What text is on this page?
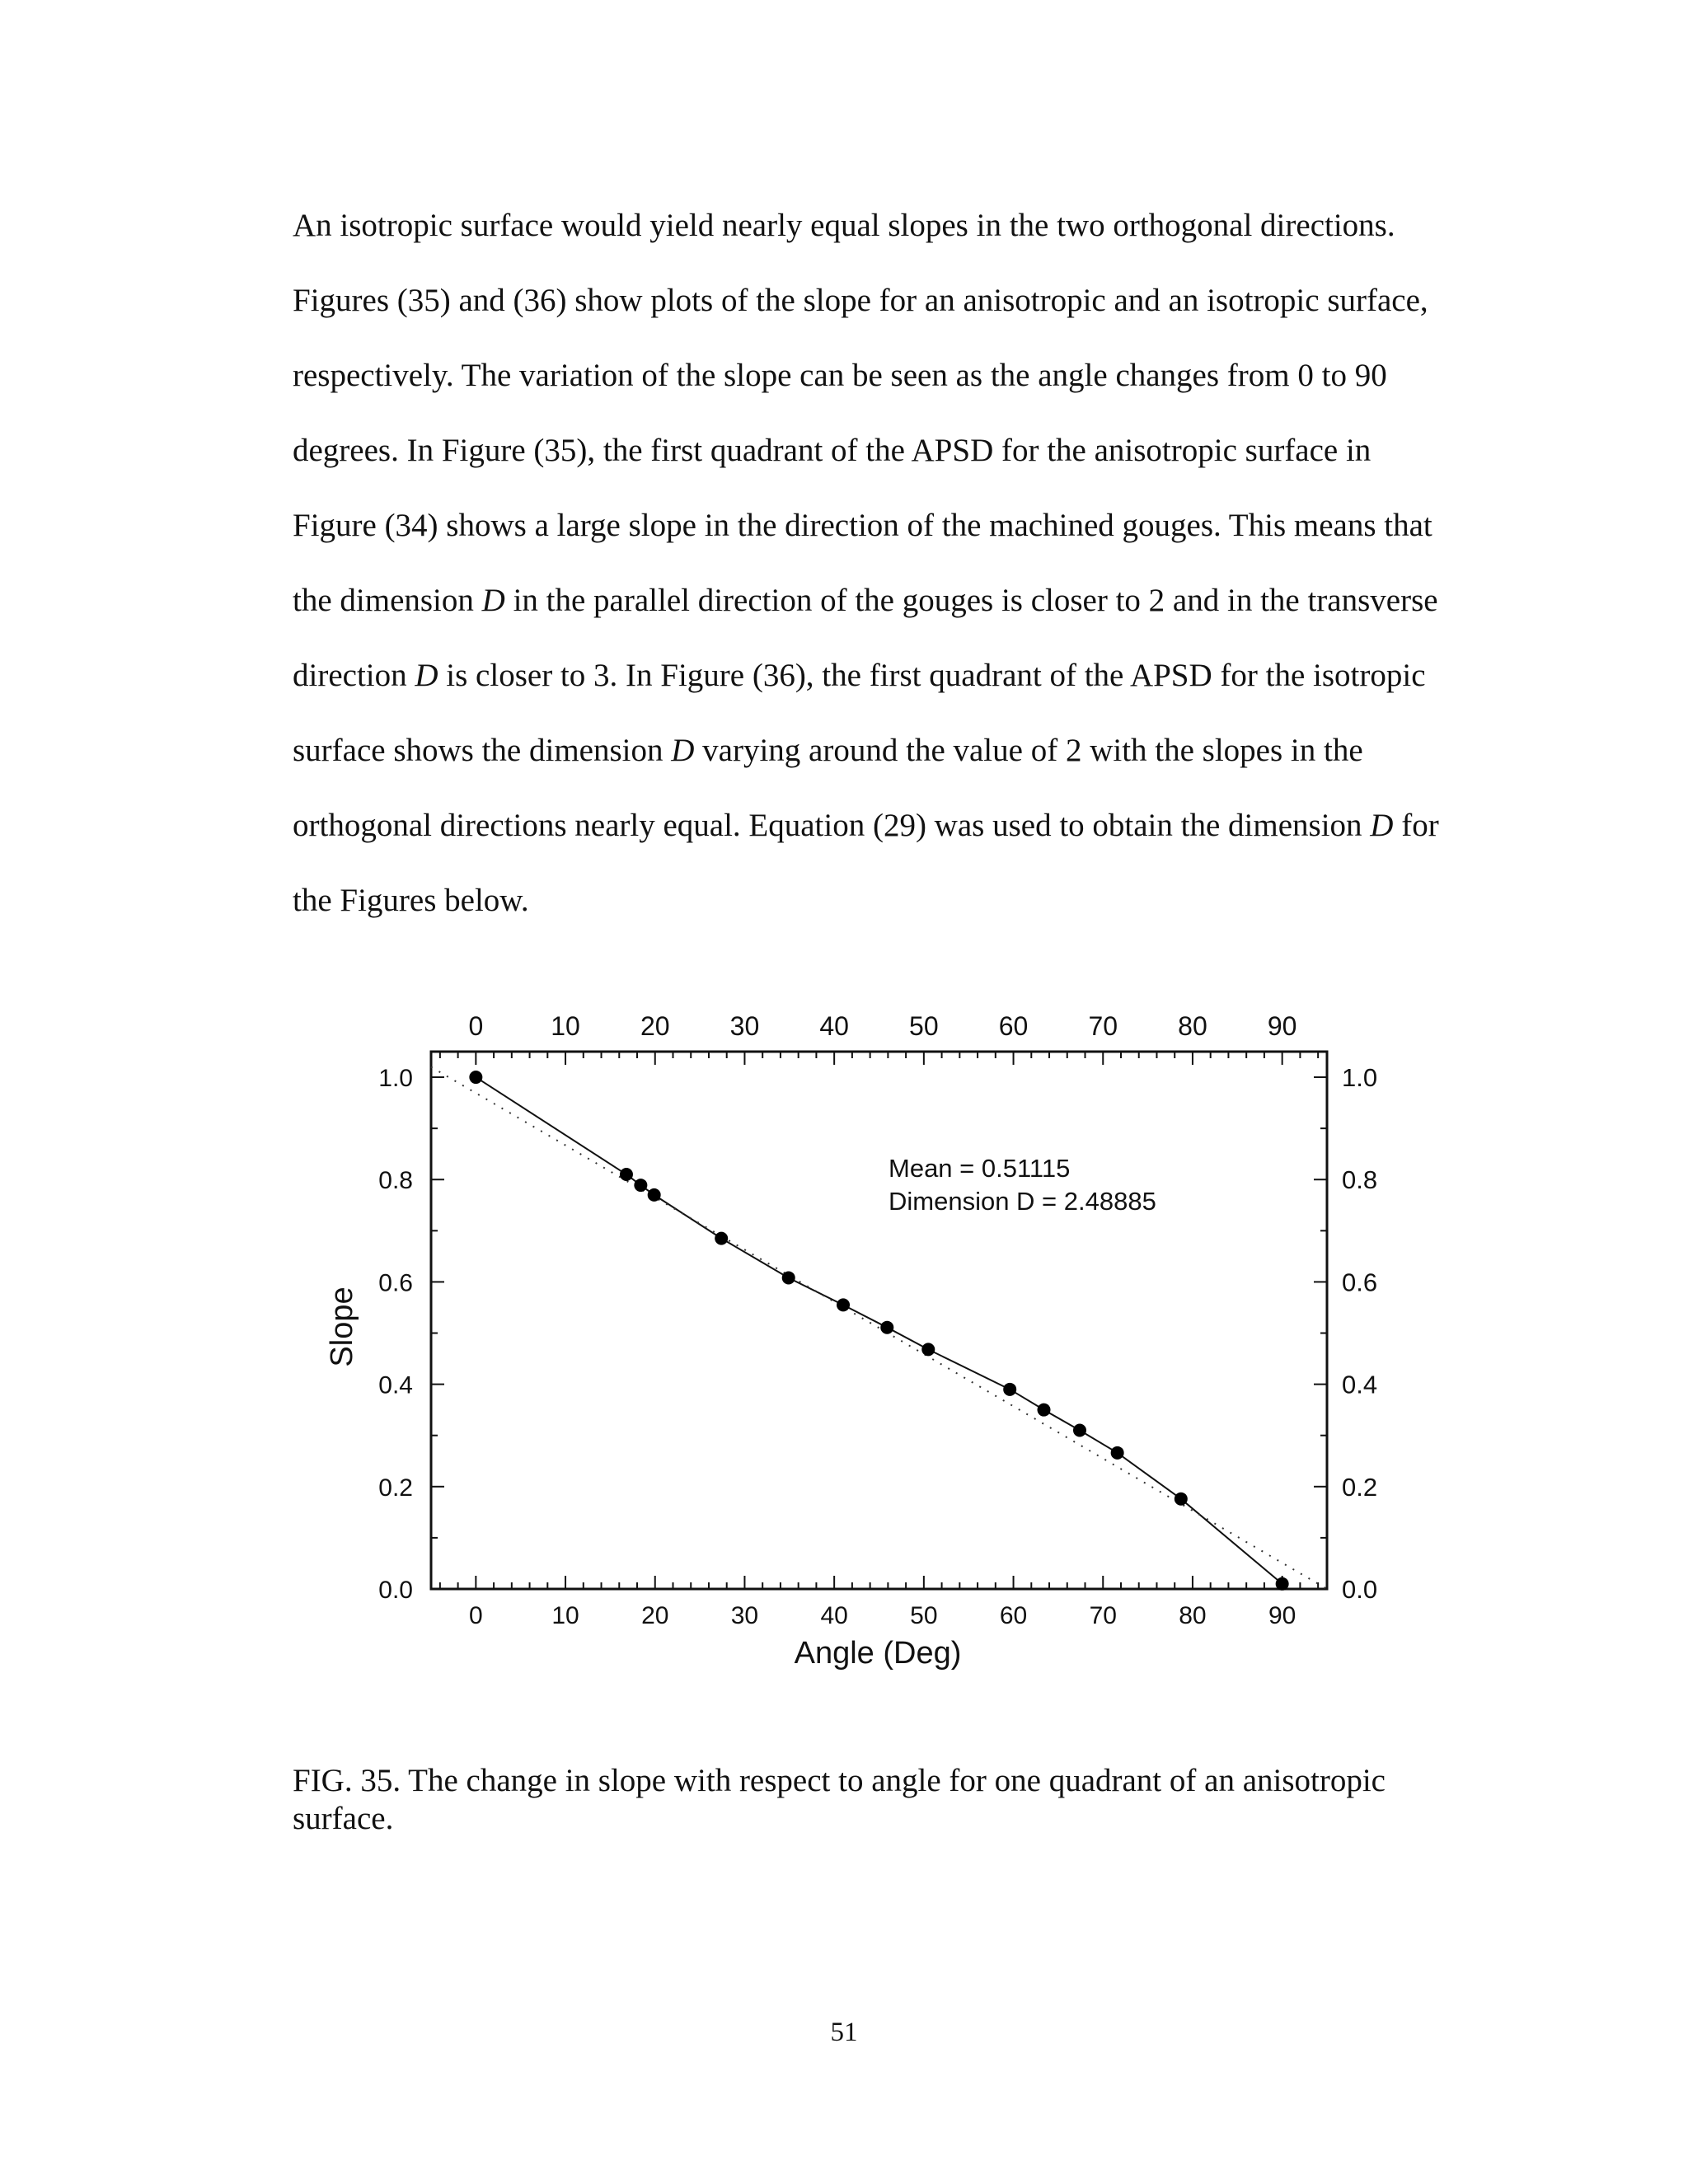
An isotropic surface would yield nearly equal slopes in the two orthogonal directions.
Figures (35) and (36) show plots of the slope for an anisotropic and an isotropic surface,
respectively. The variation of the slope can be seen as the angle changes from 0 to 90
degrees. In Figure (35), the first quadrant of the APSD for the anisotropic surface in
Figure (34) shows a large slope in the direction of the machined gouges. This means that
the dimension D in the parallel direction of the gouges is closer to 2 and in the transverse
direction D is closer to 3. In Figure (36), the first quadrant of the APSD for the isotropic
surface shows the dimension D varying around the value of 2 with the slopes in the
orthogonal directions nearly equal. Equation (29) was used to obtain the dimension D for
the Figures below.
0
0
10
10
20
20
30
30
40
40
50
50
60
60
70
70
80
80
90
90
0.0	0.0
0.2	0.2
0.4	0.4
0.6	0.6
0.8	0.8
1.0	1.0
Angle (Deg)
Slope
Mean = 0.51115
Dimension D = 2.48885

FIG. 35. The change in slope with respect to angle for one quadrant of an anisotropic surface.

51
